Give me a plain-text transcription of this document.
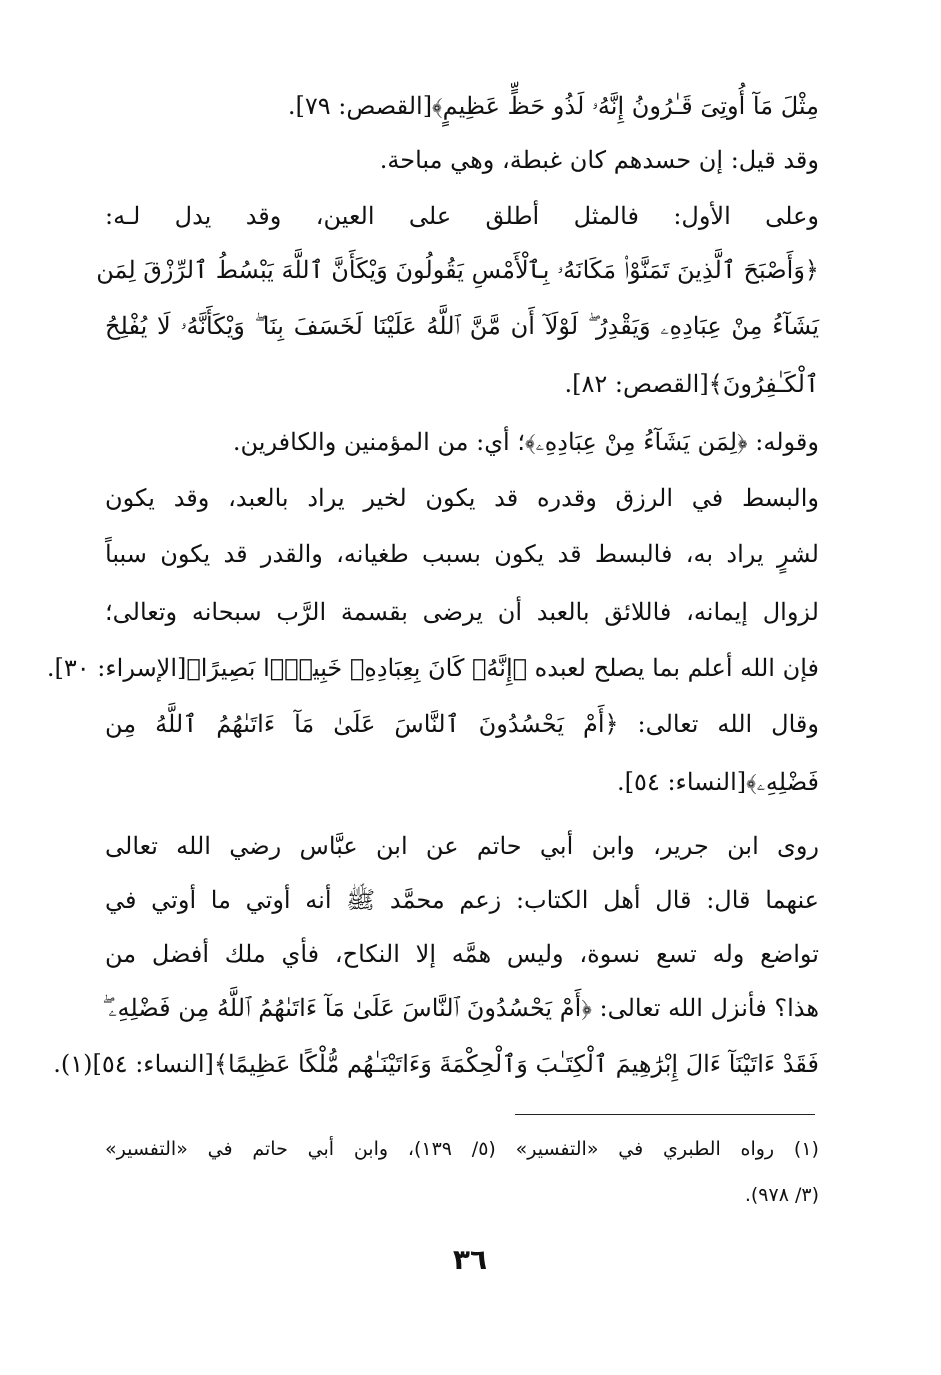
مِثْلَ مَآ أُوتِىَ قَـٰرُونُ إِنَّهُۥ لَذُو حَظٍّ عَظِيمٍ﴾[القصص: ٧٩].
وقد قيل: إن حسدهم كان غبطة، وهي مباحة.
وعلى الأول: فالمثل أطلق على العين، وقد يدل لـه:
﴿وَأَصْبَحَ ٱلَّذِينَ تَمَنَّوْا۟ مَكَانَهُۥ بِٱلْأَمْسِ يَقُولُونَ وَيْكَأَنَّ ٱللَّهَ يَبْسُطُ ٱلرِّزْقَ لِمَن
يَشَآءُ مِنْ عِبَادِهِۦ وَيَقْدِرُ ۖ لَوْلَآ أَن مَّنَّ ٱللَّهُ عَلَيْنَا لَخَسَفَ بِنَا ۖ وَيْكَأَنَّهُۥ لَا يُفْلِحُ
ٱلْكَـٰفِرُونَ﴾[القصص: ٨٢].
وقوله: ﴿لِمَن يَشَآءُ مِنْ عِبَادِهِۦ﴾؛ أي: من المؤمنين والكافرين.
والبسط في الرزق وقدره قد يكون لخير يراد بالعبد، وقد يكون
لشرٍ يراد به، فالبسط قد يكون بسبب طغيانه، والقدر قد يكون سبباً
لزوال إيمانه، فاللائق بالعبد أن يرضى بقسمة الرَّب سبحانه وتعالى؛
فإن الله أعلم بما يصلح لعبده ﴿إِنَّهُۥ كَانَ بِعِبَادِهِۦ خَبِيرًۢا بَصِيرًا﴾[الإسراء: ٣٠].
وقال الله تعالى: ﴿أَمْ يَحْسُدُونَ ٱلنَّاسَ عَلَىٰ مَآ ءَاتَىٰهُمُ ٱللَّهُ مِن
فَضْلِهِۦ﴾[النساء: ٥٤].
روى ابن جرير، وابن أبي حاتم عن ابن عبَّاس رضي الله تعالى
عنهما قال: قال أهل الكتاب: زعم محمَّد ﷺ أنه أوتي ما أوتي في
تواضع وله تسع نسوة، وليس همَّه إلا النكاح، فأي ملك أفضل من
هذا؟ فأنزل الله تعالى: ﴿أَمْ يَحْسُدُونَ ٱلنَّاسَ عَلَىٰ مَآ ءَاتَىٰهُمُ ٱللَّهُ مِن فَضْلِهِۦ ۖ
فَقَدْ ءَاتَيْنَآ ءَالَ إِبْرَٰهِيمَ ٱلْكِتَـٰبَ وَٱلْحِكْمَةَ وَءَاتَيْنَـٰهُم مُّلْكًا عَظِيمًا﴾[النساء: ٥٤](١).
(١) رواه الطبري في «التفسير» (٥/ ١٣٩)، وابن أبي حاتم في «التفسير»
(٣/ ٩٧٨).
٣٦
